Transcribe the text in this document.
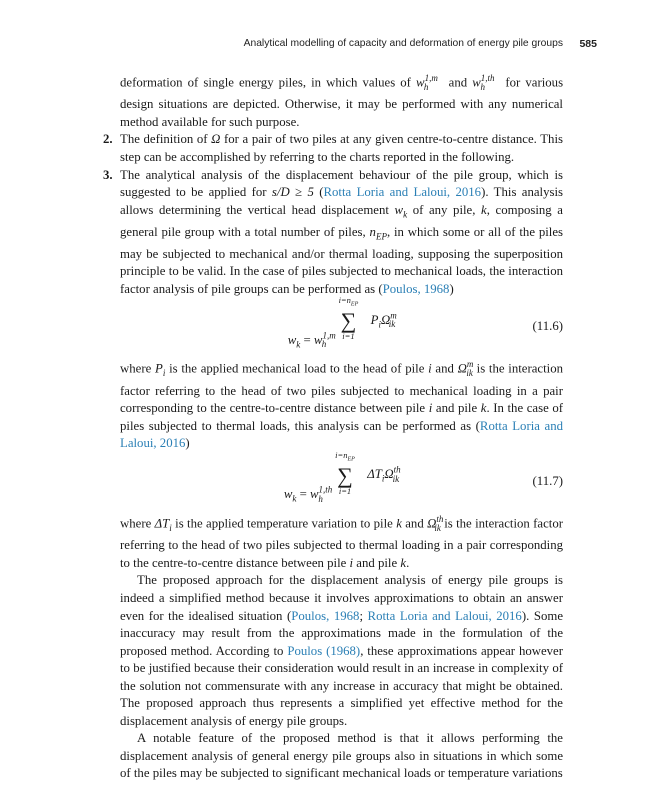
Analytical modelling of capacity and deformation of energy pile groups 585

deformation of single energy piles, in which values of $w^{1,m}_h$ and $w^{1,th}_h$ for various design situations are depicted. Otherwise, it may be performed with any numerical method available for such purpose.

2. The definition of Ω for a pair of two piles at any given centre-to-centre distance. This step can be accomplished by referring to the charts reported in the following.

3. The analytical analysis of the displacement behaviour of the pile group, which is suggested to be applied for s/D ≥ 5 (Rotta Loria and Laloui, 2016). This analysis allows determining the vertical head displacement $w_k$ of any pile, k, composing a general pile group with a total number of piles, $n_{EP}$, in which some or all of the piles may be subjected to mechanical and/or thermal loading, supposing the superposition principle to be valid. In the case of piles subjected to mechanical loads, the interaction factor analysis of pile groups can be performed as (Poulos, 1968)

$w_k = w^{1,m}_h$
$i=n_{EP}$
∑
i=1
$P_i\Omega^m_{ik}$	(11.6)

where $P_i$ is the applied mechanical load to the head of pile i and $\Omega^m_{ik}$ is the interaction factor referring to the head of two piles subjected to mechanical loading in a pair corresponding to the centre-to-centre distance between pile i and pile k. In the case of piles subjected to thermal loads, this analysis can be performed as (Rotta Loria and Laloui, 2016)

$w_k = w^{1,th}_h$
$i=n_{EP}$
∑
i=1
$\Delta T_i\Omega^{th}_{ik}$	(11.7)

where $\Delta T_i$ is the applied temperature variation to pile k and $\Omega^{th}_{ik}$ is the interaction factor referring to the head of two piles subjected to thermal loading in a pair corresponding to the centre-to-centre distance between pile i and pile k.

The proposed approach for the displacement analysis of energy pile groups is indeed a simplified method because it involves approximations to obtain an answer even for the idealised situation (Poulos, 1968; Rotta Loria and Laloui, 2016). Some inaccuracy may result from the approximations made in the formulation of the proposed method. According to Poulos (1968), these approximations appear however to be justified because their consideration would result in an increase in complexity of the solution not commensurate with any increase in accuracy that might be obtained. The proposed approach thus represents a simplified yet effective method for the displacement analysis of energy pile groups.

A notable feature of the proposed method is that it allows performing the displacement analysis of general energy pile groups also in situations in which some of the piles may be subjected to significant mechanical loads or temperature variations
